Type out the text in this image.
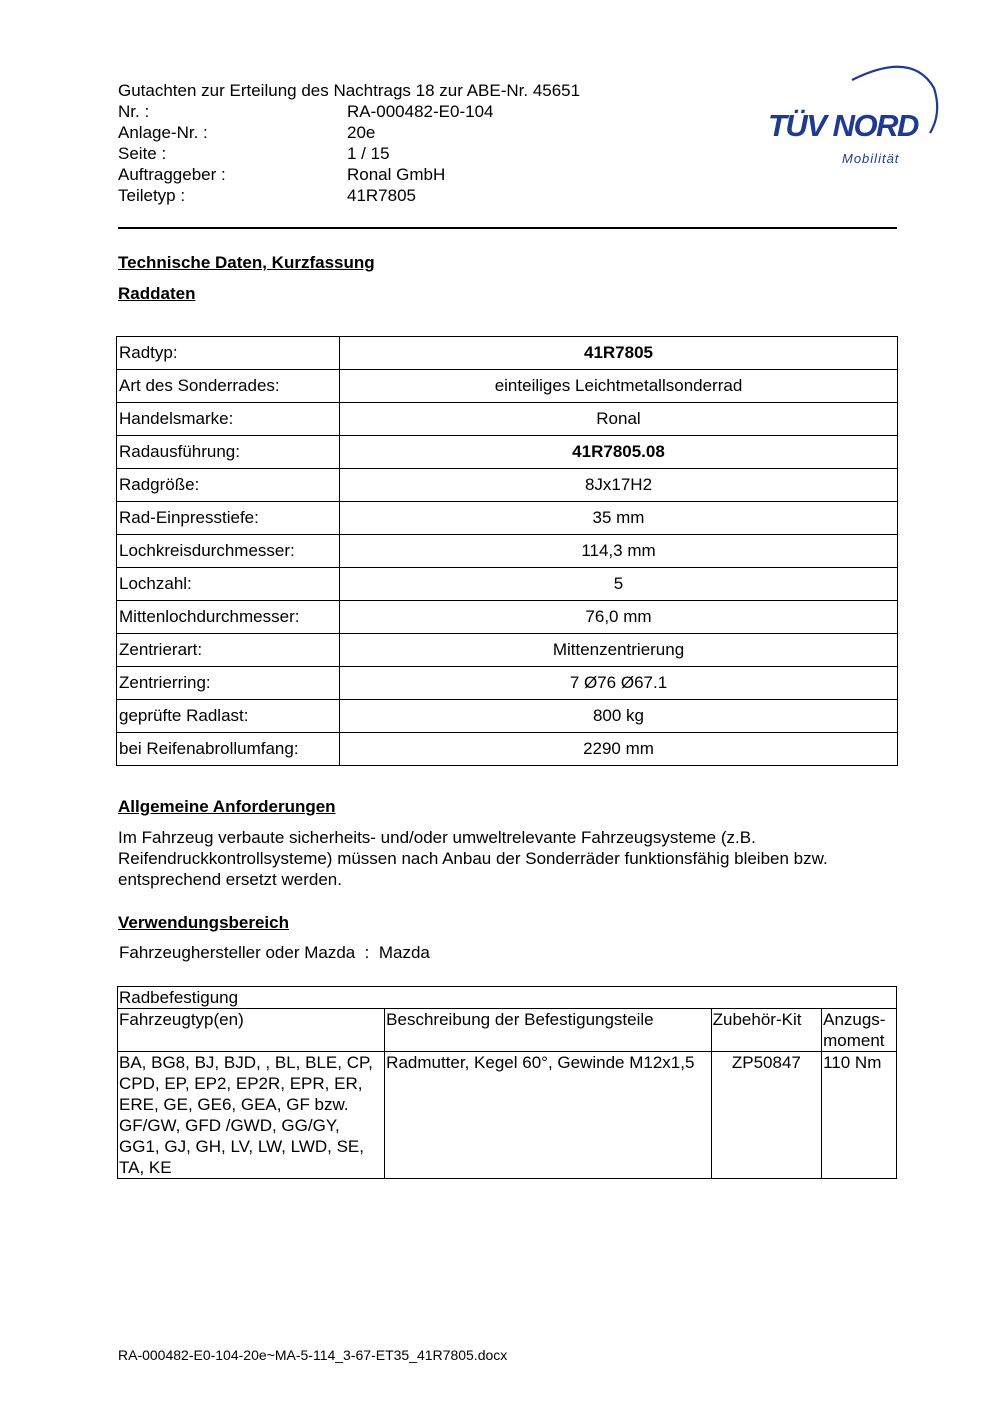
Gutachten zur Erteilung des Nachtrags 18 zur ABE-Nr. 45651
Nr. :	RA-000482-E0-104
Anlage-Nr. :	20e
Seite :	1 / 15
Auftraggeber :	Ronal GmbH
Teiletyp :	41R7805
TÜV NORD
Mobilität
Technische Daten, Kurzfassung
Raddaten
Radtyp:	41R7805
Art des Sonderrades:	einteiliges Leichtmetallsonderrad
Handelsmarke:	Ronal
Radausführung:	41R7805.08
Radgröße:	8Jx17H2
Rad-Einpresstiefe:	35 mm
Lochkreisdurchmesser:	114,3 mm
Lochzahl:	5
Mittenlochdurchmesser:	76,0 mm
Zentrierart:	Mittenzentrierung
Zentrierring:	7 Ø76 Ø67.1
geprüfte Radlast:	800 kg
bei Reifenabrollumfang:	2290 mm
Allgemeine Anforderungen
Im Fahrzeug verbaute sicherheits- und/oder umweltrelevante Fahrzeugsysteme (z.B. Reifendruckkontrollsysteme) müssen nach Anbau der Sonderräder funktionsfähig bleiben bzw. entsprechend ersetzt werden.
Verwendungsbereich
Fahrzeughersteller oder Mazda : Mazda
Radbefestigung			
Fahrzeugtyp(en)	Beschreibung der Befestigungsteile	Zubehör-Kit	Anzugs-moment
BA, BG8, BJ, BJD, , BL, BLE, CP, CPD, EP, EP2, EP2R, EPR, ER, ERE, GE, GE6, GEA, GF bzw. GF/GW, GFD /GWD, GG/GY, GG1, GJ, GH, LV, LW, LWD, SE, TA, KE	Radmutter, Kegel 60°, Gewinde M12x1,5	ZP50847	110 Nm
RA-000482-E0-104-20e~MA-5-114_3-67-ET35_41R7805.docx
